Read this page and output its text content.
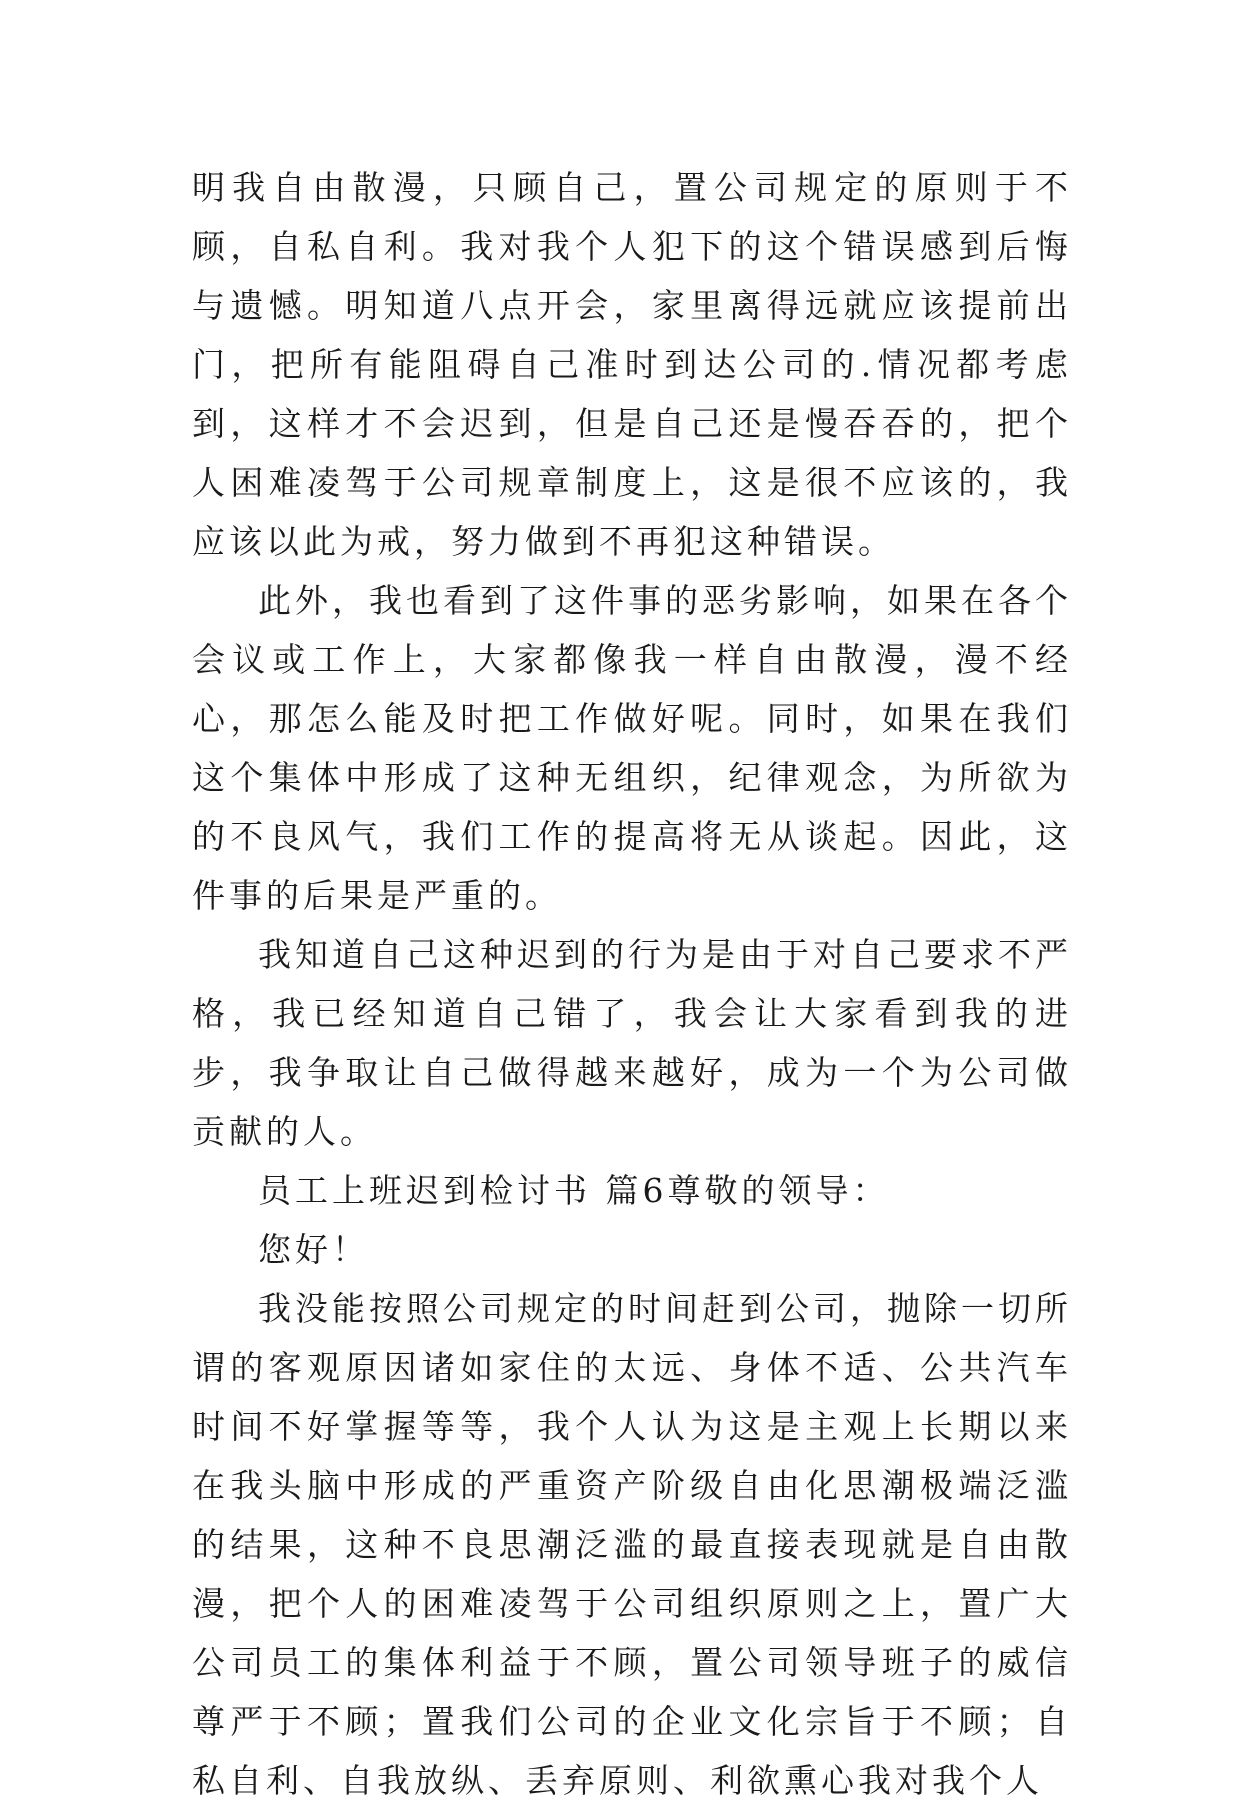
明我自由散漫，只顾自己，置公司规定的原则于不顾，自私自利。我对我个人犯下的这个错误感到后悔与遗憾。明知道八点开会，家里离得远就应该提前出门，把所有能阻碍自己准时到达公司的.情况都考虑到，这样才不会迟到，但是自己还是慢吞吞的，把个人困难凌驾于公司规章制度上，这是很不应该的，我应该以此为戒，努力做到不再犯这种错误。

此外，我也看到了这件事的恶劣影响，如果在各个会议或工作上，大家都像我一样自由散漫，漫不经心，那怎么能及时把工作做好呢。同时，如果在我们这个集体中形成了这种无组织，纪律观念，为所欲为的不良风气，我们工作的提高将无从谈起。因此，这件事的后果是严重的。

我知道自己这种迟到的行为是由于对自己要求不严格，我已经知道自己错了，我会让大家看到我的进步，我争取让自己做得越来越好，成为一个为公司做贡献的人。

员工上班迟到检讨书 篇6尊敬的领导：

您好！

我没能按照公司规定的时间赶到公司，抛除一切所谓的客观原因诸如家住的太远、身体不适、公共汽车时间不好掌握等等，我个人认为这是主观上长期以来在我头脑中形成的严重资产阶级自由化思潮极端泛滥的结果，这种不良思潮泛滥的最直接表现就是自由散漫，把个人的困难凌驾于公司组织原则之上，置广大公司员工的集体利益于不顾，置公司领导班子的威信尊严于不顾；置我们公司的企业文化宗旨于不顾；自私自利、自我放纵、丢弃原则、利欲熏心我对我个人
